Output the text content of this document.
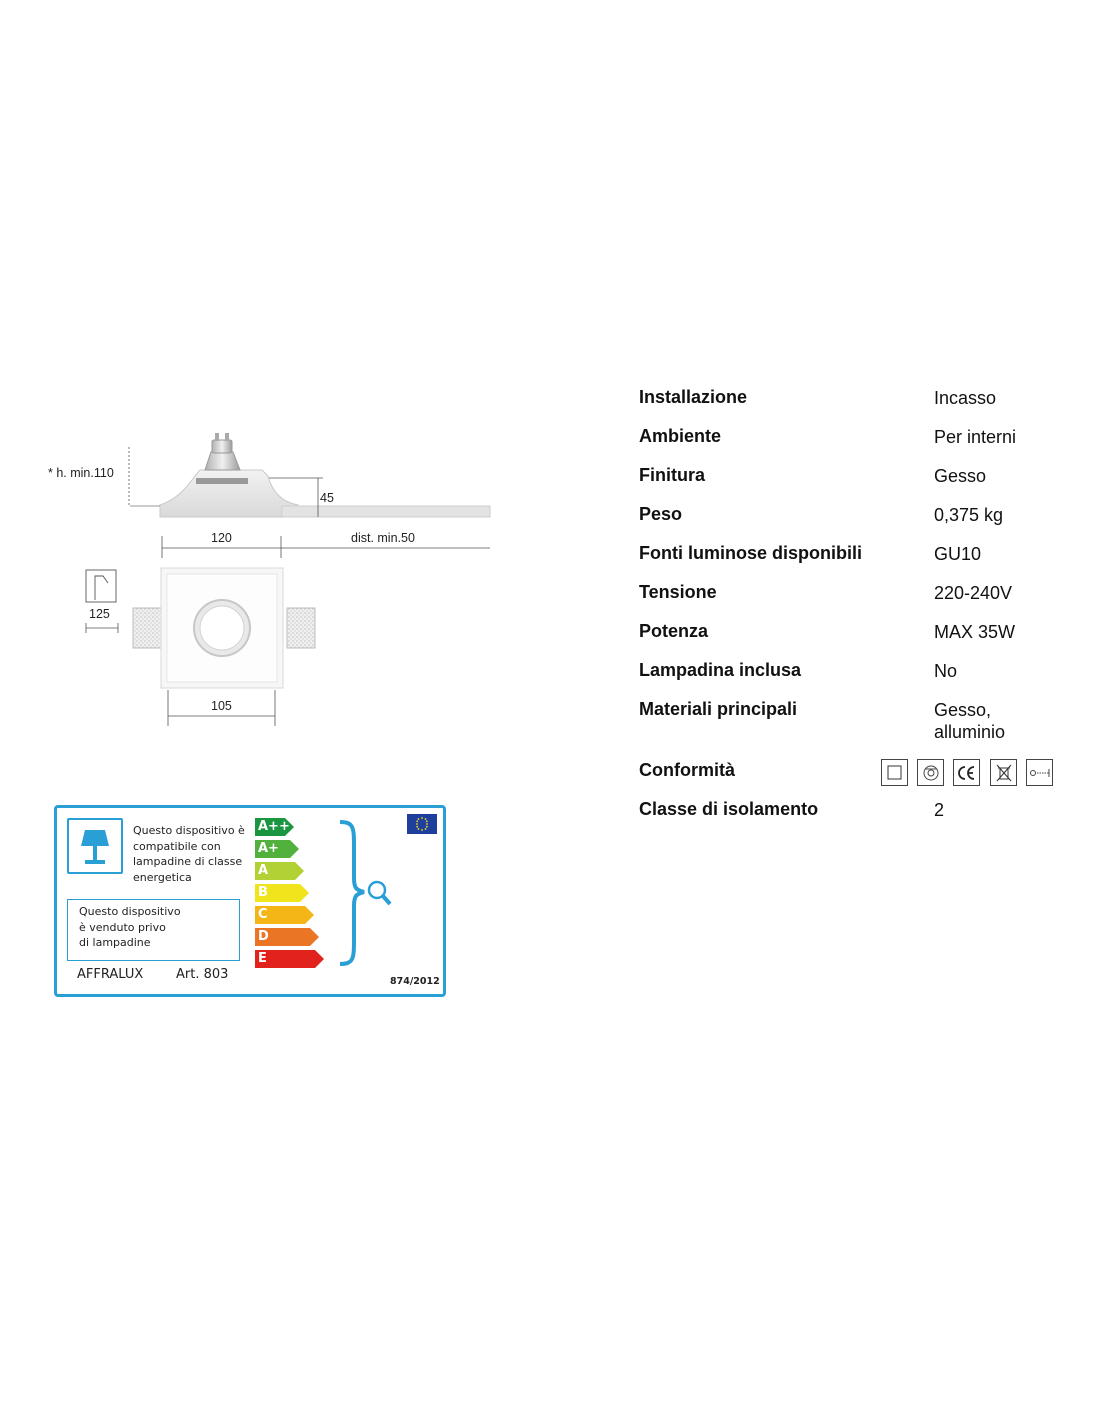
* h. min.110
45
120	dist. min.50
125
105
Questo dispositivo è
compatibile con
lampadine di classe
energetica
Questo dispositivo
è venduto privo
di lampadine
AFFRALUX	Art. 803	874/2012
A++
A+
A
B
C
D
E
Installazione	Incasso
Ambiente	Per interni
Finitura	Gesso
Peso	0,375 kg
Fonti luminose disponibili	GU10
Tensione	220-240V
Potenza	MAX 35W
Lampadina inclusa	No
Materiali principali	Gesso,
alluminio
Conformità
Classe di isolamento	2
